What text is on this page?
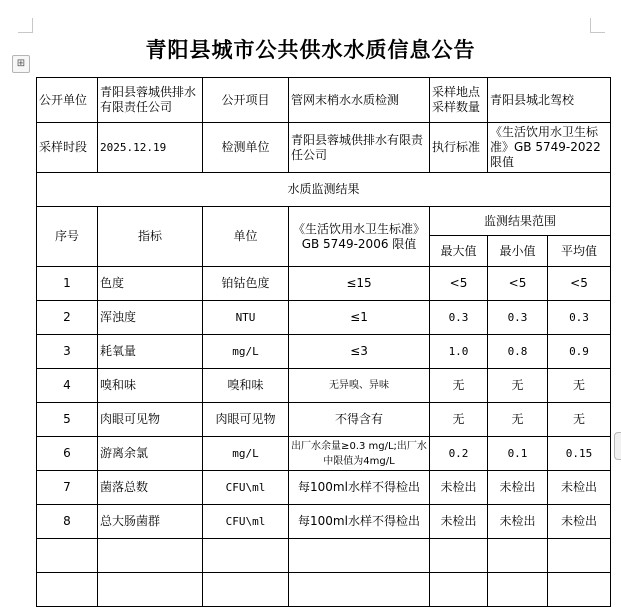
⊞
青阳县城市公共供水水质信息公告
公开单位	青阳县蓉城供排水有限责任公司	公开项目	管网末梢水水质检测	采样地点采样数量	青阳县城北驾校	
采样时段	2025.12.19	检测单位	青阳县蓉城供排水有限责任公司	执行标准	《生活饮用水卫生标准》GB 5749-2022 限值	
水质监测结果						
序号	指标	单位	《生活饮用水卫生标准》GB 5749-2006 限值	监测结果范围		
				最大值	最小值	平均值
1	色度	铂钴色度	≤15	<5	<5	<5
2	浑浊度	NTU	≤1	0.3	0.3	0.3
3	耗氧量	mg/L	≤3	1.0	0.8	0.9
4	嗅和味	嗅和味	无异嗅、异味	无	无	无
5	肉眼可见物	肉眼可见物	不得含有	无	无	无
6	游离余氯	mg/L	出厂水余量≥0.3 mg/L;出厂水中限值为4mg/L	0.2	0.1	0.15
7	菌落总数	CFU\ml	每100ml水样不得检出	未检出	未检出	未检出
8	总大肠菌群	CFU\ml	每100ml水样不得检出	未检出	未检出	未检出
